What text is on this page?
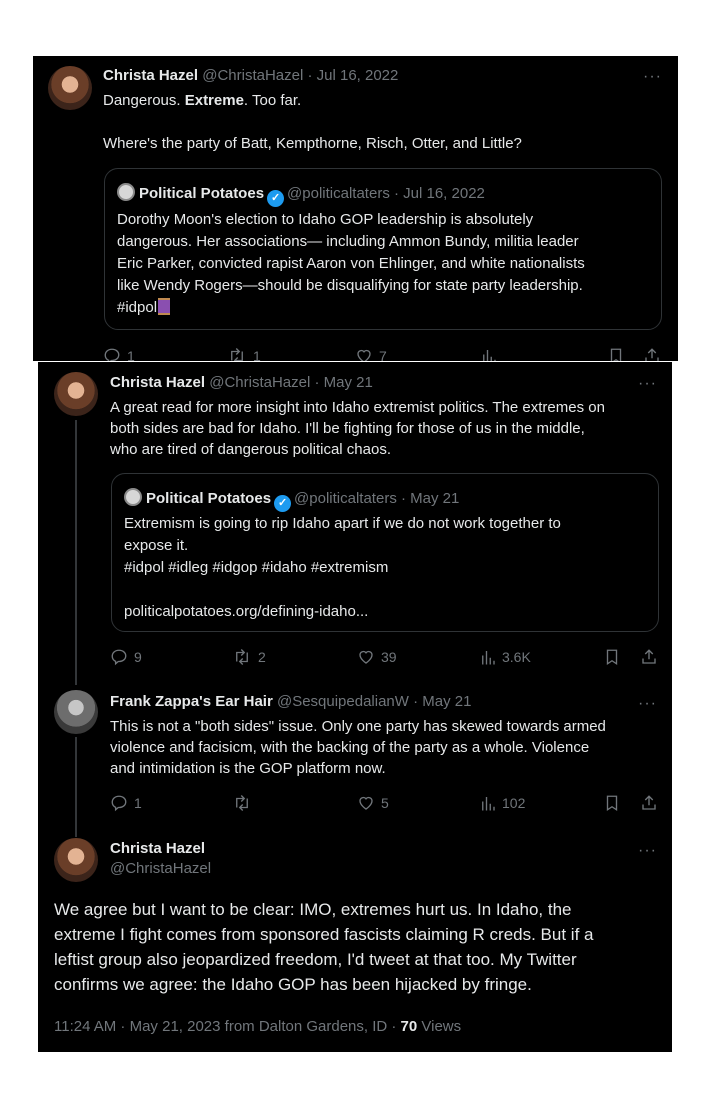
Christa Hazel @ChristaHazel · Jul 16, 2022	···
Dangerous. Extreme. Too far.
Where's the party of Batt, Kempthorne, Risch, Otter, and Little?
Political Potatoes ✓ @politicaltaters · Jul 16, 2022
Dorothy Moon's election to Idaho GOP leadership is absolutely
dangerous. Her associations— including Ammon Bundy, militia leader
Eric Parker, convicted rapist Aaron von Ehlinger, and white nationalists
like Wendy Rogers—should be disqualifying for state party leadership.
#idpol
1	1	7
Christa Hazel @ChristaHazel · May 21	···
A great read for more insight into Idaho extremist politics. The extremes on
both sides are bad for Idaho. I'll be fighting for those of us in the middle,
who are tired of dangerous political chaos.
Political Potatoes ✓ @politicaltaters · May 21
Extremism is going to rip Idaho apart if we do not work together to
expose it.
#idpol #idleg #idgop #idaho #extremism
politicalpotatoes.org/defining-idaho...
9	2	39	3.6K
Frank Zappa's Ear Hair @SesquipedalianW · May 21	···
This is not a "both sides" issue. Only one party has skewed towards armed
violence and facisicm, with the backing of the party as a whole. Violence
and intimidation is the GOP platform now.
1	5	102
Christa Hazel
@ChristaHazel
···
We agree but I want to be clear: IMO, extremes hurt us. In Idaho, the
extreme I fight comes from sponsored fascists claiming R creds. But if a
leftist group also jeopardized freedom, I'd tweet at that too. My Twitter
confirms we agree: the Idaho GOP has been hijacked by fringe.
11:24 AM · May 21, 2023 from Dalton Gardens, ID · 70 Views
